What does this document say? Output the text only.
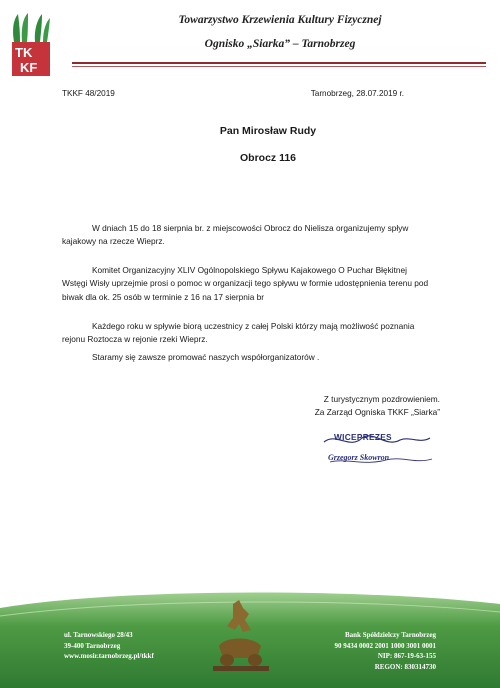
TK
KF
Towarzystwo Krzewienia Kultury Fizycznej
Ognisko „Siarka” – Tarnobrzeg
TKKF 48/2019	Tarnobrzeg, 28.07.2019 r.
Pan Mirosław Rudy
Obrocz 116

W dniach 15 do 18 sierpnia br. z miejscowości Obrocz do Nielisza organizujemy spływ kajakowy na rzecze Wieprz.

Komitet Organizacyjny XLIV Ogólnopolskiego Spływu Kajakowego O Puchar Błękitnej Wstęgi Wisły uprzejmie prosi o pomoc w organizacji tego spływu w formie udostępnienia terenu pod biwak dla ok. 25 osób w terminie z 16 na 17 sierpnia br

Każdego roku w spływie biorą uczestnicy z całej Polski którzy mają możliwość poznania rejonu Roztocza w rejonie rzeki Wieprz.

Staramy się zawsze promować naszych współorganizatorów .

Z turystycznym pozdrowieniem.
Za Zarząd Ogniska TKKF „Siarka”
WICEPREZES
Grzegorz Skowron
ul. Tarnowskiego 28/43
39-400 Tarnobrzeg
www.mosir.tarnobrzeg.pl/tkkf
Bank Spółdzielczy Tarnobrzeg
90 9434 0002 2001 1000 3001 0001
NIP: 867-19-63-155
REGON: 830314730
